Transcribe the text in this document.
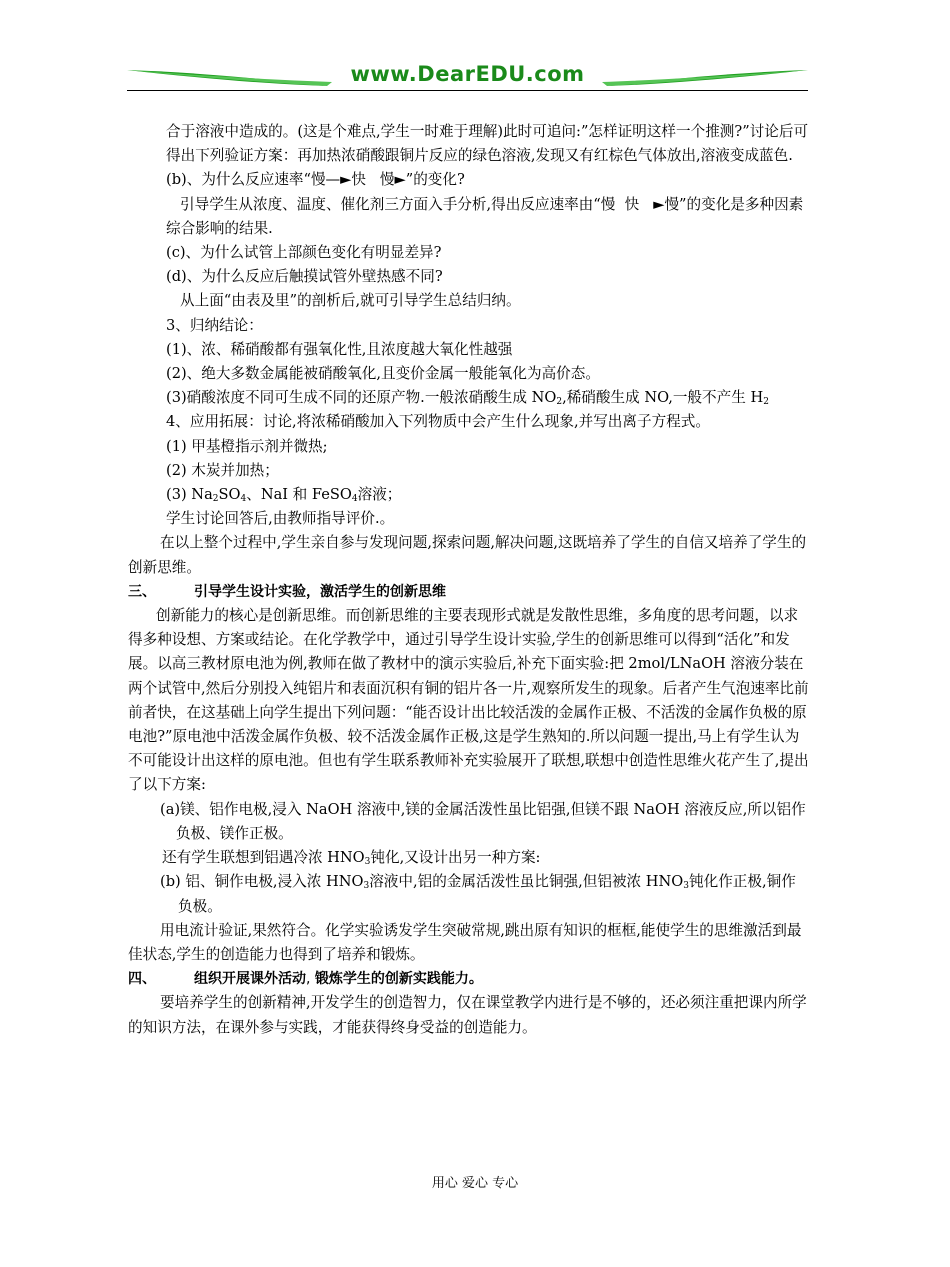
www.DearEDU.com

合于溶液中造成的。(这是个难点,学生一时难于理解)此时可追问:”怎样证明这样一个推测?”讨论后可得出下列验证方案：再加热浓硝酸跟铜片反应的绿色溶液,发现又有红棕色气体放出,溶液变成蓝色.

(b)、为什么反应速率“慢—►快 慢►”的变化?

引导学生从浓度、温度、催化剂三方面入手分析,得出反应速率由“慢 快 ►慢”的变化是多种因素综合影响的结果.

(c)、为什么试管上部颜色变化有明显差异?

(d)、为什么反应后触摸试管外壁热感不同?

从上面“由表及里”的剖析后,就可引导学生总结归纳。

3、归纳结论：

(1)、浓、稀硝酸都有强氧化性,且浓度越大氧化性越强

(2)、绝大多数金属能被硝酸氧化,且变价金属一般能氧化为高价态。

(3)硝酸浓度不同可生成不同的还原产物.一般浓硝酸生成 $NO_2$,稀硝酸生成 NO,一般不产生 $H_2$

4、应用拓展：讨论,将浓稀硝酸加入下列物质中会产生什么现象,并写出离子方程式。

(1) 甲基橙指示剂并微热;

(2) 木炭并加热；

(3) $Na_2SO_4$、NaI 和 FeSO$_4$溶液；

学生讨论回答后,由教师指导评价.。

在以上整个过程中,学生亲自参与发现问题,探索问题,解决问题,这既培养了学生的自信又培养了学生的创新思维。

三、	引导学生设计实验，激活学生的创新思维

创新能力的核心是创新思维。而创新思维的主要表现形式就是发散性思维，多角度的思考问题，以求得多种设想、方案或结论。在化学教学中，通过引导学生设计实验,学生的创新思维可以得到“活化”和发展。以高三教材原电池为例,教师在做了教材中的演示实验后,补充下面实验:把 2mol/LNaOH 溶液分装在两个试管中,然后分别投入纯铝片和表面沉积有铜的铝片各一片,观察所发生的现象。后者产生气泡速率比前前者快，在这基础上向学生提出下列问题：“能否设计出比较活泼的金属作正极、不活泼的金属作负极的原电池?”原电池中活泼金属作负极、较不活泼金属作正极,这是学生熟知的.所以问题一提出,马上有学生认为不可能设计出这样的原电池。但也有学生联系教师补充实验展开了联想,联想中创造性思维火花产生了,提出了以下方案:

(a)镁、铝作电极,浸入 NaOH 溶液中,镁的金属活泼性虽比铝强,但镁不跟 NaOH 溶液反应,所以铝作负极、镁作正极。

还有学生联想到铝遇冷浓 $HNO_3$钝化,又设计出另一种方案:

(b) 铝、铜作电极,浸入浓 $HNO_3$溶液中,铝的金属活泼性虽比铜强,但铝被浓 $HNO_3$钝化作正极,铜作负极。

用电流计验证,果然符合。化学实验诱发学生突破常规,跳出原有知识的框框,能使学生的思维激活到最佳状态,学生的创造能力也得到了培养和锻炼。

四、	组织开展课外活动, 锻炼学生的创新实践能力。

要培养学生的创新精神,开发学生的创造智力，仅在课堂教学内进行是不够的，还必须注重把课内所学的知识方法，在课外参与实践，才能获得终身受益的创造能力。

用心 爱心 专心
